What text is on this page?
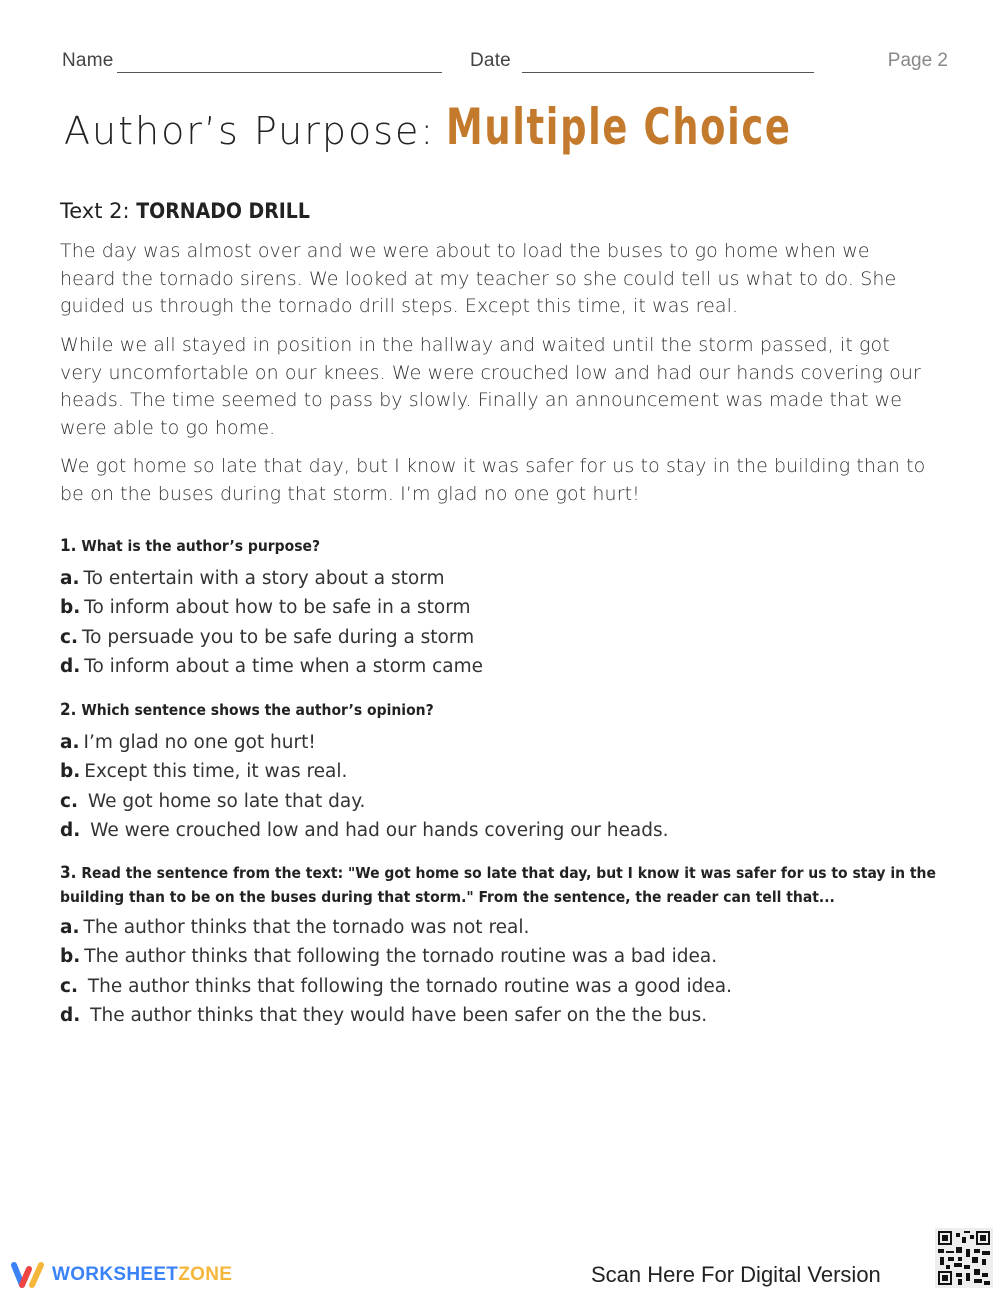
Name	Date	Page 2
Author’s Purpose: Multiple Choice
Text 2: TORNADO DRILL

The day was almost over and we were about to load the buses to go home when we heard the tornado sirens. We looked at my teacher so she could tell us what to do. She guided us through the tornado drill steps. Except this time, it was real.

While we all stayed in position in the hallway and waited until the storm passed, it got very uncomfortable on our knees. We were crouched low and had our hands covering our heads. The time seemed to pass by slowly. Finally an announcement was made that we were able to go home.

We got home so late that day, but I know it was safer for us to stay in the building than to be on the buses during that storm. I’m glad no one got hurt!

1. What is the author’s purpose?
a. To entertain with a story about a storm
b. To inform about how to be safe in a storm
c. To persuade you to be safe during a storm
d. To inform about a time when a storm came
2. Which sentence shows the author’s opinion?
a. I’m glad no one got hurt!
b. Except this time, it was real.
c. We got home so late that day.
d. We were crouched low and had our hands covering our heads.
3. Read the sentence from the text: "We got home so late that day, but I know it was safer for us to stay in the building than to be on the buses during that storm." From the sentence, the reader can tell that...
a. The author thinks that the tornado was not real.
b. The author thinks that following the tornado routine was a bad idea.
c. The author thinks that following the tornado routine was a good idea.
d. The author thinks that they would have been safer on the the bus.
WORKSHEETZONE	Scan Here For Digital Version
